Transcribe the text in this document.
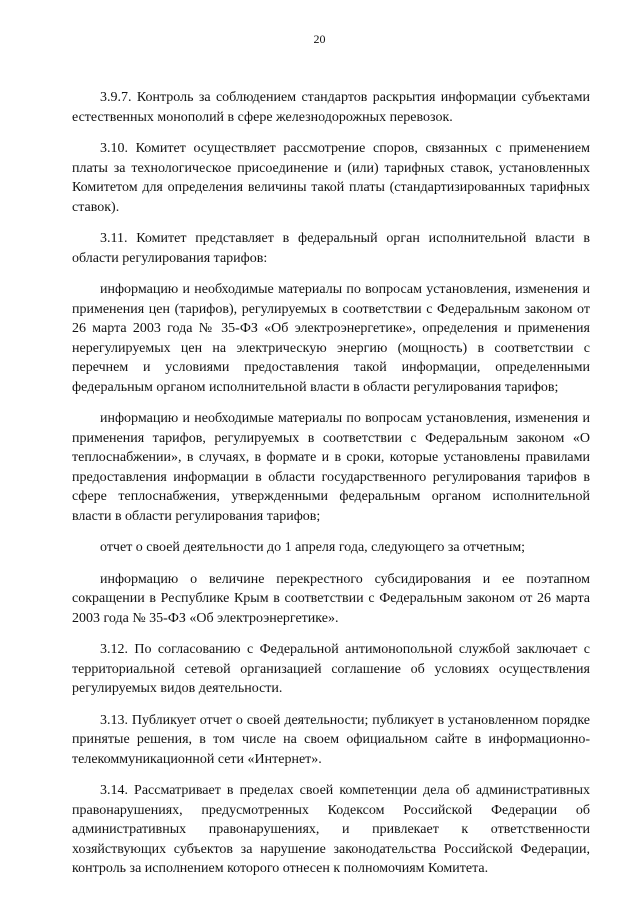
20

3.9.7. Контроль за соблюдением стандартов раскрытия информации субъектами естественных монополий в сфере железнодорожных перевозок.

3.10. Комитет осуществляет рассмотрение споров, связанных с применением платы за технологическое присоединение и (или) тарифных ставок, установленных Комитетом для определения величины такой платы (стандартизированных тарифных ставок).

3.11. Комитет представляет в федеральный орган исполнительной власти в области регулирования тарифов:

информацию и необходимые материалы по вопросам установления, изменения и применения цен (тарифов), регулируемых в соответствии с Федеральным законом от 26 марта 2003 года № 35-ФЗ «Об электроэнергетике», определения и применения нерегулируемых цен на электрическую энергию (мощность) в соответствии с перечнем и условиями предоставления такой информации, определенными федеральным органом исполнительной власти в области регулирования тарифов;

информацию и необходимые материалы по вопросам установления, изменения и применения тарифов, регулируемых в соответствии с Федеральным законом «О теплоснабжении», в случаях, в формате и в сроки, которые установлены правилами предоставления информации в области государственного регулирования тарифов в сфере теплоснабжения, утвержденными федеральным органом исполнительной власти в области регулирования тарифов;

отчет о своей деятельности до 1 апреля года, следующего за отчетным;

информацию о величине перекрестного субсидирования и ее поэтапном сокращении в Республике Крым в соответствии с Федеральным законом от 26 марта 2003 года № 35-ФЗ «Об электроэнергетике».

3.12. По согласованию с Федеральной антимонопольной службой заключает с территориальной сетевой организацией соглашение об условиях осуществления регулируемых видов деятельности.

3.13. Публикует отчет о своей деятельности; публикует в установленном порядке принятые решения, в том числе на своем официальном сайте в информационно-телекоммуникационной сети «Интернет».

3.14. Рассматривает в пределах своей компетенции дела об административных правонарушениях, предусмотренных Кодексом Российской Федерации об административных правонарушениях, и привлекает к ответственности хозяйствующих субъектов за нарушение законодательства Российской Федерации, контроль за исполнением которого отнесен к полномочиям Комитета.
